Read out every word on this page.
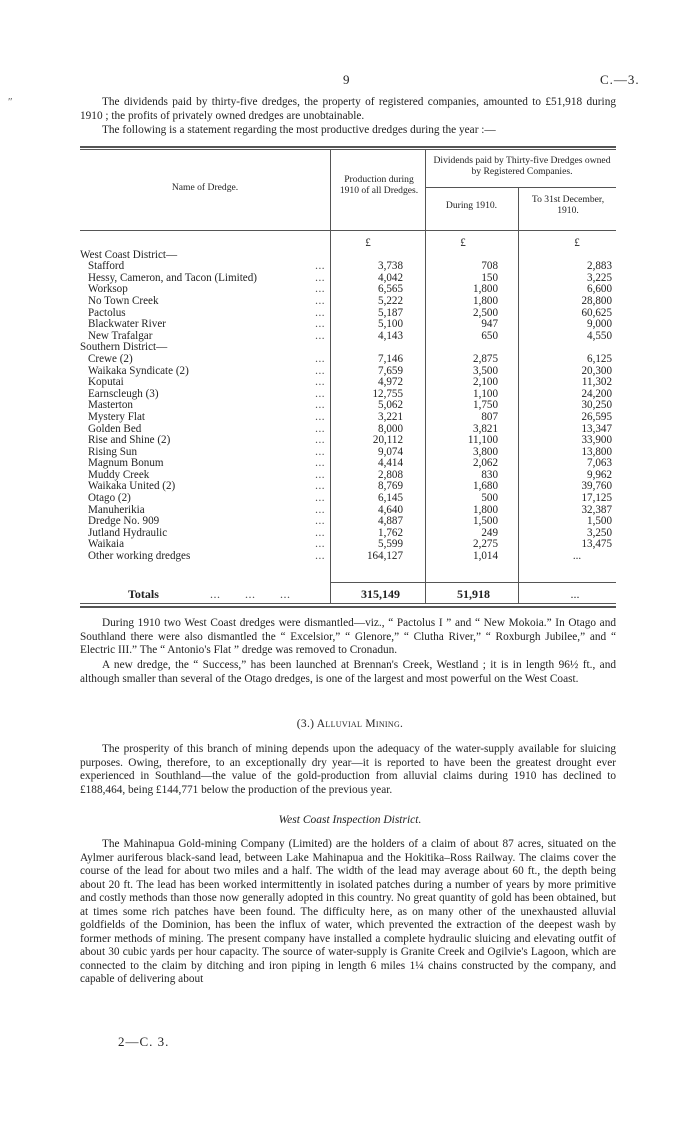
″
9	C.—3.

The dividends paid by thirty-five dredges, the property of registered companies, amounted to £51,918 during 1910 ; the profits of privately owned dredges are unobtainable.

The following is a statement regarding the most productive dredges during the year :—

Name of Dredge.
Production during 1910 of all Dredges.
Dividends paid by Thirty-five Dredges owned by Registered Companies.
During 1910.
To 31st December, 1910.
£	£	£
West Coast District—
Stafford	...	3,738	708	2,883
Hessy, Cameron, and Tacon (Limited)	...	4,042	150	3,225
Worksop	...	6,565	1,800	6,600
No Town Creek	...	5,222	1,800	28,800
Pactolus	...	5,187	2,500	60,625
Blackwater River	...	5,100	947	9,000
New Trafalgar	...	4,143	650	4,550
Southern District—
Crewe (2)	...	7,146	2,875	6,125
Waikaka Syndicate (2)	...	7,659	3,500	20,300
Koputai	...	4,972	2,100	11,302
Earnscleugh (3)	...	12,755	1,100	24,200
Masterton	...	5,062	1,750	30,250
Mystery Flat	...	3,221	807	26,595
Golden Bed	...	8,000	3,821	13,347
Rise and Shine (2)	...	20,112	11,100	33,900
Rising Sun	...	9,074	3,800	13,800
Magnum Bonum	...	4,414	2,062	7,063
Muddy Creek	...	2,808	830	9,962
Waikaka United (2)	...	8,769	1,680	39,760
Otago (2)	...	6,145	500	17,125
Manuherikia	...	4,640	1,800	32,387
Dredge No. 909	...	4,887	1,500	1,500
Jutland Hydraulic	...	1,762	249	3,250
Waikaia	...	5,599	2,275	13,475
Other working dredges	...	164,127	1,014	...
Totals	...       ...       ...	315,149	51,918	...

During 1910 two West Coast dredges were dismantled—viz., “ Pactolus I ” and “ New Mokoia.” In Otago and Southland there were also dismantled the “ Excelsior,” “ Glenore,” “ Clutha River,” “ Roxburgh Jubilee,” and “ Electric III.” The “ Antonio's Flat ” dredge was removed to Cronadun.

A new dredge, the “ Success,” has been launched at Brennan's Creek, Westland ; it is in length 96½ ft., and although smaller than several of the Otago dredges, is one of the largest and most powerful on the West Coast.

(3.) Alluvial Mining.

The prosperity of this branch of mining depends upon the adequacy of the water-supply available for sluicing purposes. Owing, therefore, to an exceptionally dry year—it is reported to have been the greatest drought ever experienced in Southland—the value of the gold-production from alluvial claims during 1910 has declined to £188,464, being £144,771 below the production of the previous year.

West Coast Inspection District.

The Mahinapua Gold-mining Company (Limited) are the holders of a claim of about 87 acres, situated on the Aylmer auriferous black-sand lead, between Lake Mahinapua and the Hokitika–Ross Railway. The claims cover the course of the lead for about two miles and a half. The width of the lead may average about 60 ft., the depth being about 20 ft. The lead has been worked intermittently in isolated patches during a number of years by more primitive and costly methods than those now generally adopted in this country. No great quantity of gold has been obtained, but at times some rich patches have been found. The difficulty here, as on many other of the unexhausted alluvial goldfields of the Dominion, has been the influx of water, which prevented the extraction of the deepest wash by former methods of mining. The present company have installed a complete hydraulic sluicing and elevating outfit of about 30 cubic yards per hour capacity. The source of water-supply is Granite Creek and Ogilvie's Lagoon, which are connected to the claim by ditching and iron piping in length 6 miles 1¼ chains constructed by the company, and capable of delivering about

2—C. 3.
